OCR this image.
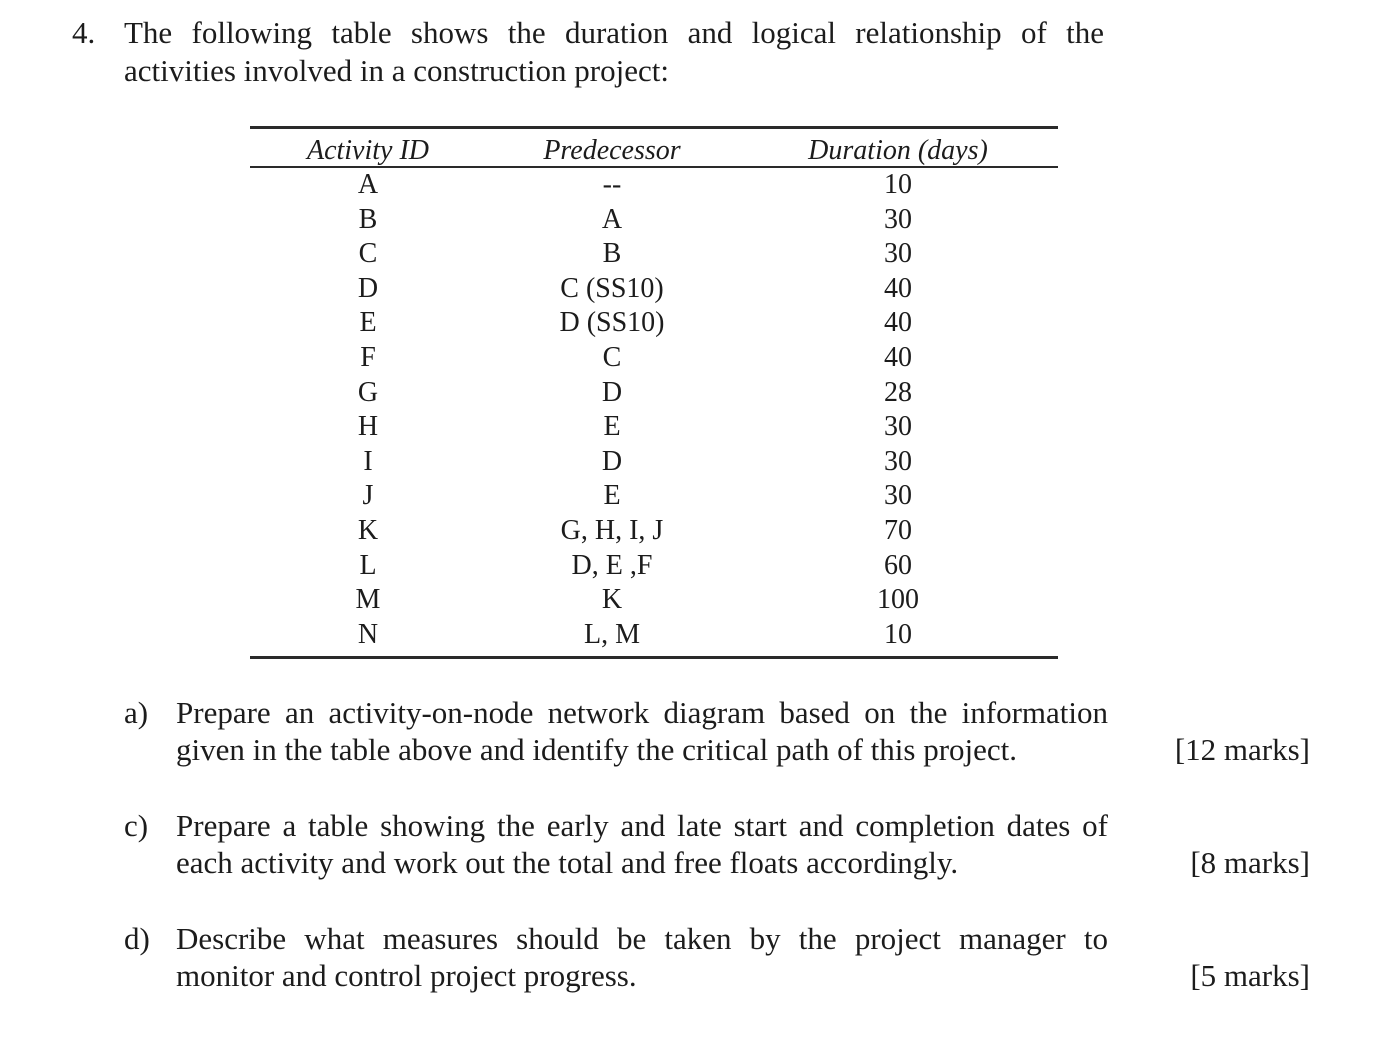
4. The following table shows the duration and logical relationship of the
activities involved in a construction project:
Activity ID	Predecessor	Duration (days)
A	--	10
B	A	30
C	B	30
D	C (SS10)	40
E	D (SS10)	40
F	C	40
G	D	28
H	E	30
I	D	30
J	E	30
K	G, H, I, J	70
L	D, E ,F	60
M	K	100
N	L, M	10
a) Prepare an activity-on-node network diagram based on the information
given in the table above and identify the critical path of this project.	[12 marks]
c) Prepare a table showing the early and late start and completion dates of
each activity and work out the total and free floats accordingly.	[8 marks]
d) Describe what measures should be taken by the project manager to
monitor and control project progress.	[5 marks]
